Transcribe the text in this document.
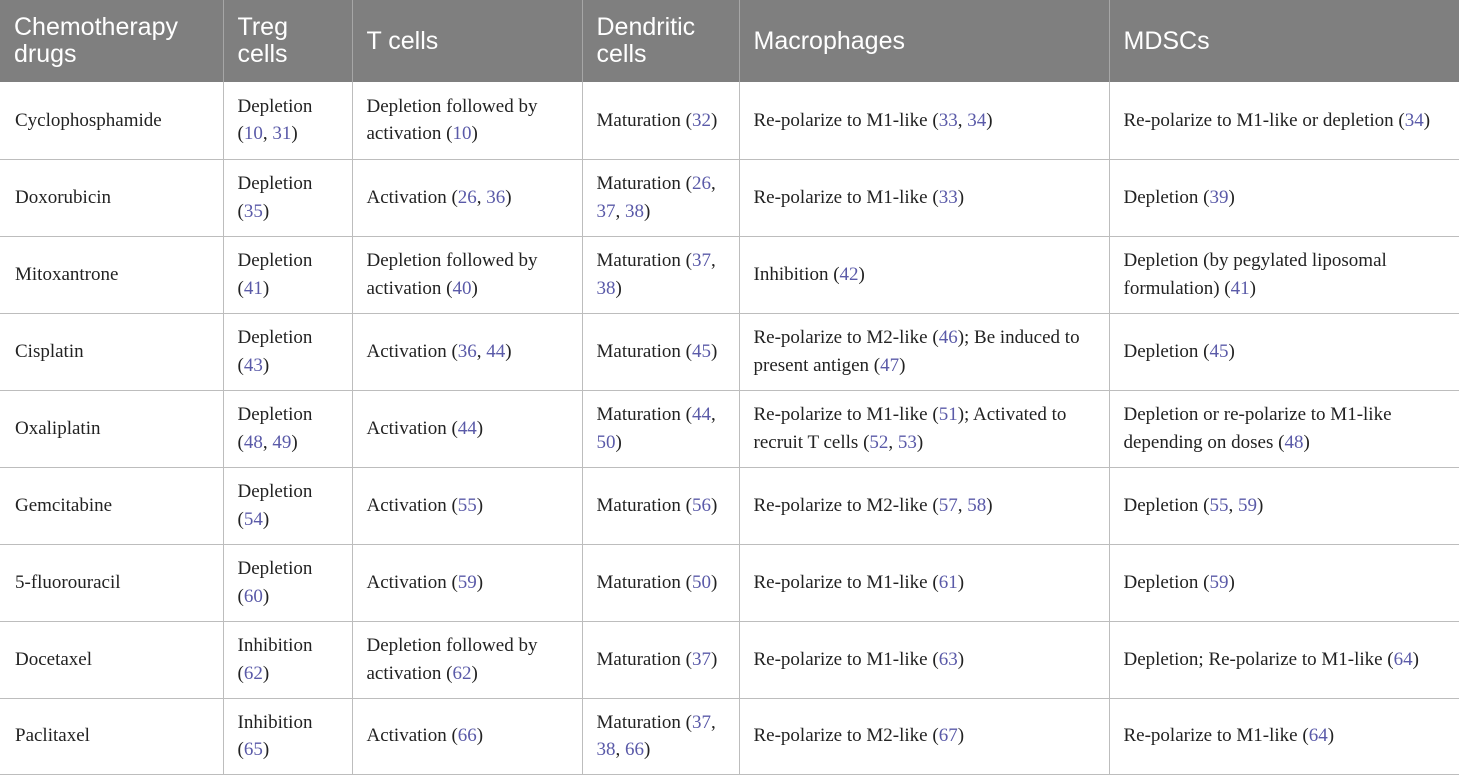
Chemotherapy drugs	Treg cells	T cells	Dendritic cells	Macrophages	MDSCs
Cyclophosphamide	Depletion (10, 31)	Depletion followed by activation (10)	Maturation (32)	Re-polarize to M1-like (33, 34)	Re-polarize to M1-like or depletion (34)
Doxorubicin	Depletion (35)	Activation (26, 36)	Maturation (26, 37, 38)	Re-polarize to M1-like (33)	Depletion (39)
Mitoxantrone	Depletion (41)	Depletion followed by activation (40)	Maturation (37, 38)	Inhibition (42)	Depletion (by pegylated liposomal formulation) (41)
Cisplatin	Depletion (43)	Activation (36, 44)	Maturation (45)	Re-polarize to M2-like (46); Be induced to present antigen (47)	Depletion (45)
Oxaliplatin	Depletion (48, 49)	Activation (44)	Maturation (44, 50)	Re-polarize to M1-like (51); Activated to recruit T cells (52, 53)	Depletion or re-polarize to M1-like depending on doses (48)
Gemcitabine	Depletion (54)	Activation (55)	Maturation (56)	Re-polarize to M2-like (57, 58)	Depletion (55, 59)
5-fluorouracil	Depletion (60)	Activation (59)	Maturation (50)	Re-polarize to M1-like (61)	Depletion (59)
Docetaxel	Inhibition (62)	Depletion followed by activation (62)	Maturation (37)	Re-polarize to M1-like (63)	Depletion; Re-polarize to M1-like (64)
Paclitaxel	Inhibition (65)	Activation (66)	Maturation (37, 38, 66)	Re-polarize to M2-like (67)	Re-polarize to M1-like (64)
